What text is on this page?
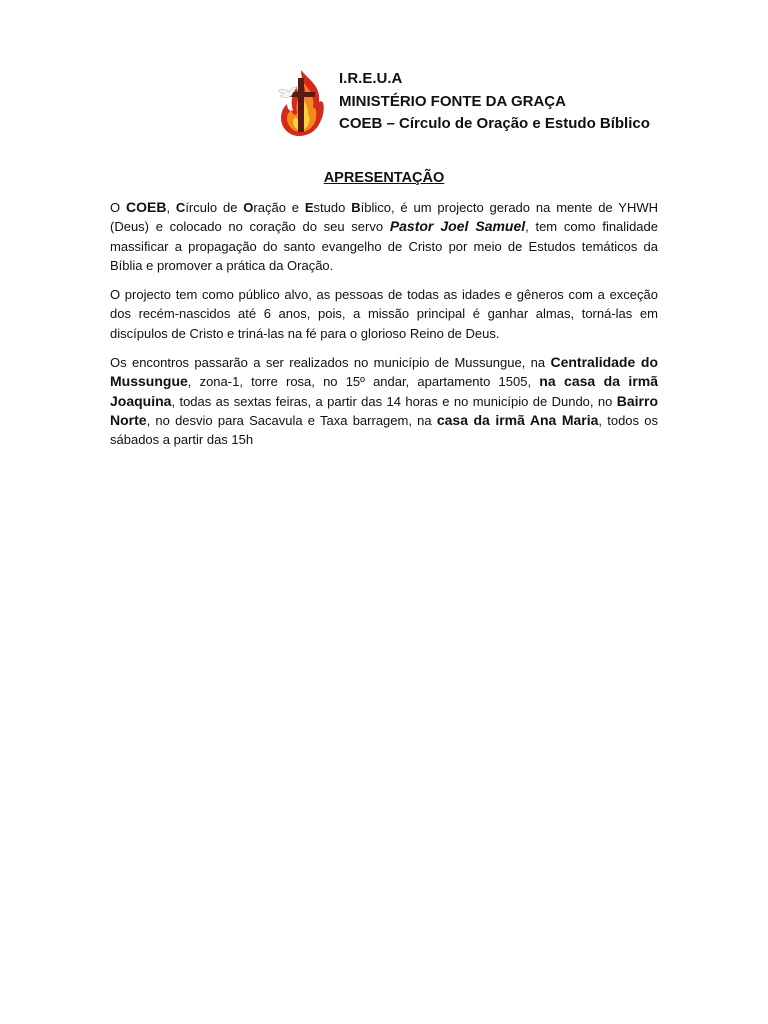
I.R.E.U.A
MINISTÉRIO FONTE DA GRAÇA
COEB – Círculo de Oração e Estudo Bíblico
APRESENTAÇÃO

O COEB, Círculo de Oração e Estudo Bíblico, é um projecto gerado na mente de YHWH (Deus) e colocado no coração do seu servo Pastor Joel Samuel, tem como finalidade massificar a propagação do santo evangelho de Cristo por meio de Estudos temáticos da Bíblia e promover a prática da Oração.

O projecto tem como público alvo, as pessoas de todas as idades e gêneros com a exceção dos recém-nascidos até 6 anos, pois, a missão principal é ganhar almas, torná-las em discípulos de Cristo e triná-las na fé para o glorioso Reino de Deus.

Os encontros passarão a ser realizados no município de Mussungue, na Centralidade do Mussungue, zona-1, torre rosa, no 15º andar, apartamento 1505, na casa da irmã Joaquina, todas as sextas feiras, a partir das 14 horas e no município de Dundo, no Bairro Norte, no desvio para Sacavula e Taxa barragem, na casa da irmã Ana Maria, todos os sábados a partir das 15h
